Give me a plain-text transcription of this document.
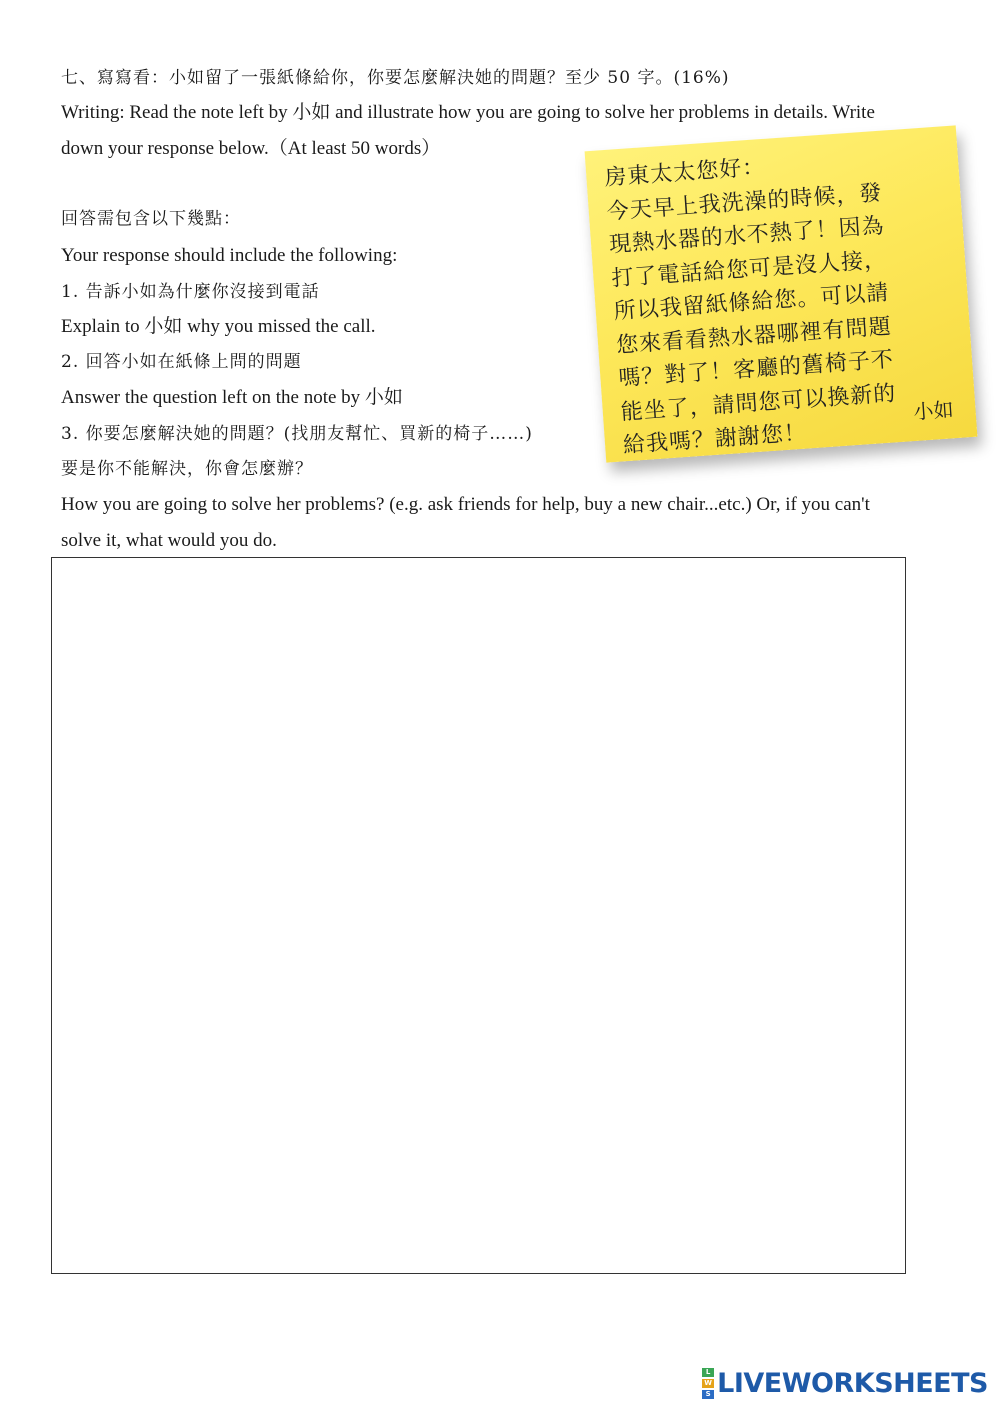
七、寫寫看：小如留了一張紙條給你，你要怎麼解決她的問題？至少 50 字。(16%)
Writing: Read the note left by 小如 and illustrate how you are going to solve her problems in details. Write
down your response below.（At least 50 words）
回答需包含以下幾點：
Your response should include the following:
1. 告訴小如為什麼你沒接到電話
Explain to 小如 why you missed the call.
2. 回答小如在紙條上問的問題
Answer the question left on the note by 小如
3. 你要怎麼解決她的問題？(找朋友幫忙、買新的椅子……)
要是你不能解決，你會怎麼辦？
How you are going to solve her problems? (e.g. ask friends for help, buy a new chair...etc.) Or, if you can't
solve it, what would you do.
房東太太您好：
今天早上我洗澡的時候，發
現熱水器的水不熱了！因為
打了電話給您可是沒人接，
所以我留紙條給您。可以請
您來看看熱水器哪裡有問題
嗎？對了！客廳的舊椅子不
能坐了，請問您可以換新的
給我嗎？謝謝您！
小如
L
W
S LIVEWORKSHEETS
